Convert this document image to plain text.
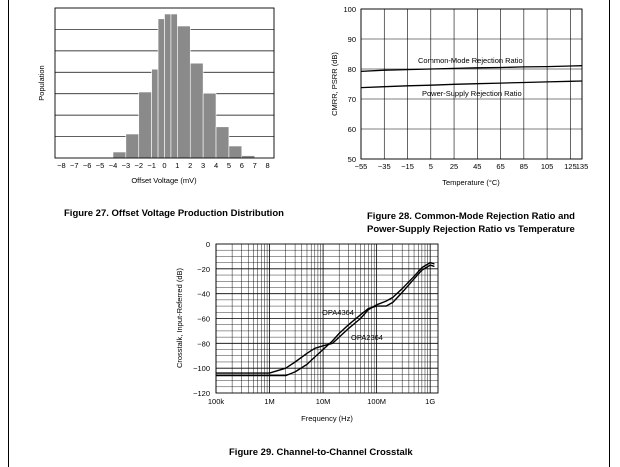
−8 −7 −6 −5 −4 −3 −2 −1 0 1 2 3 4 5 6 7 8
Offset Voltage (mV)
Population
Figure 27. Offset Voltage Production Distribution
−55 −35 −15 5 25 45 65 85 105 125 135
50
60
70
80
90
100
Temperature (°C)
CMRR, PSRR (dB)	Common-Mode Rejection Ratio
Power-Supply Rejection Ratio
Figure 28. Common-Mode Rejection Ratio and
Power-Supply Rejection Ratio vs Temperature
100k	1M	10M	100M	1G
0
−20
−40
−60
−80
−100
−120
Frequency (Hz)
Crosstalk, Input-Referred (dB)	OPA4364
OPA2364
Figure 29. Channel-to-Channel Crosstalk
